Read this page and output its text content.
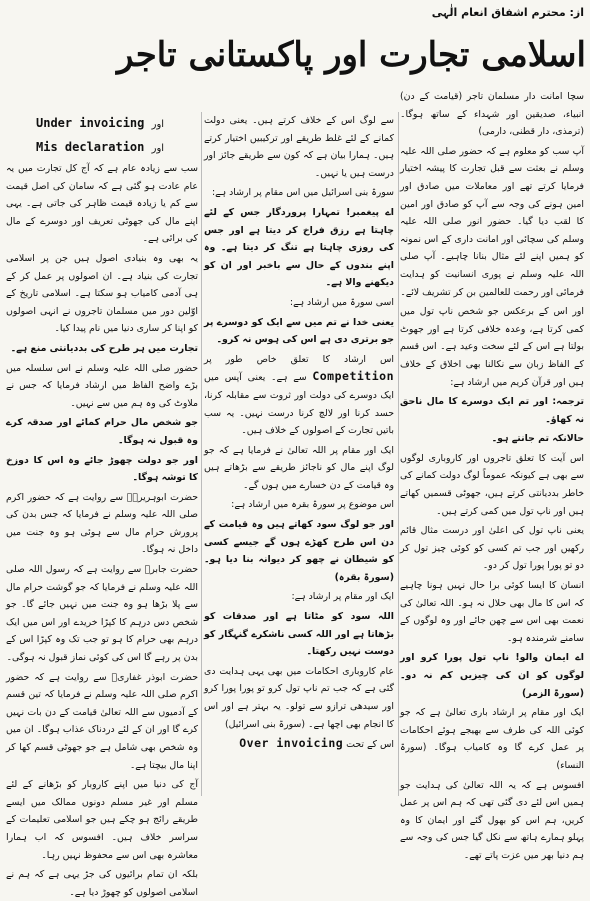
از: محترم اشفاق انعام الٰہی
اسلامی تجارت اور پاکستانی تاجر

سچا امانت دار مسلمان تاجر (قیامت کے دن) انبیاء، صدیقین اور شہداء کے ساتھ ہوگا۔ (ترمذی، دار قطنی، دارمی)

آپ سب کو معلوم ہے کہ حضور صلی اللہ علیہ وسلم نے بعثت سے قبل تجارت کا پیشہ اختیار فرمایا کرتے تھے اور معاملات میں صادق اور امین ہونے کی وجہ سے آپ کو صادق اور امین کا لقب دیا گیا۔ حضور انور صلی اللہ علیہ وسلم کی سچائی اور امانت داری کے اس نمونہ کو ہمیں اپنے لئے مثال بنانا چاہیے۔ آپ صلی اللہ علیہ وسلم نے پوری انسانیت کو ہدایت فرمائی اور رحمت للعالمین بن کر تشریف لائے۔

اور اس کے برعکس جو شخص ناپ تول میں کمی کرتا ہے، وعدہ خلافی کرتا ہے اور جھوٹ بولتا ہے اس کے لئے سخت وعید ہے۔ اس قسم کے الفاظ زبان سے نکالنا بھی اخلاق کے خلاف ہیں اور قرآن کریم میں ارشاد ہے:

ترجمہ: اور تم ایک دوسرے کا مال ناحق نہ کھاؤ۔

حالانکہ تم جانتے ہو۔

اس آیت کا تعلق تاجروں اور کاروباری لوگوں سے بھی ہے کیونکہ عموماً لوگ دولت کمانے کی خاطر بددیانتی کرتے ہیں، جھوٹی قسمیں کھاتے ہیں اور ناپ تول میں کمی کرتے ہیں۔

یعنی ناپ تول کی اعلیٰ اور درست مثال قائم رکھیں اور جب تم کسی کو کوئی چیز تول کر دو تو پورا پورا تول کر دو۔

انسان کا ایسا کوئی برا حال نہیں ہونا چاہیے کہ اس کا مال بھی حلال نہ ہو۔ اللہ تعالیٰ کی نعمت بھی اس سے چھن جائے اور وہ لوگوں کے سامنے شرمندہ ہو۔

اے ایمان والو! ناپ تول پورا کرو اور لوگوں کو ان کی چیزیں کم نہ دو۔ (سورۃ الزمر)

ایک اور مقام پر ارشاد باری تعالیٰ ہے کہ جو کوئی اللہ کی طرف سے بھیجے ہوئے احکامات پر عمل کرے گا وہ کامیاب ہوگا۔ (سورۃ النساء)

افسوس ہے کہ یہ اللہ تعالیٰ کی ہدایت جو ہمیں اس لئے دی گئی تھی کہ ہم اس پر عمل کریں، ہم اس کو بھول گئے اور ایمان کا وہ پہلو ہمارے ہاتھ سے نکل گیا جس کی وجہ سے ہم دنیا بھر میں عزت پاتے تھے۔

سے لوگ اس کے خلاف کرتے ہیں۔ یعنی دولت کمانے کے لئے غلط طریقے اور ترکیبیں اختیار کرتے ہیں۔ ہمارا بیان ہے کہ کون سے طریقے جائز اور درست ہیں یا نہیں۔

سورۃ بنی اسرائیل میں اس مقام پر ارشاد ہے:

اے پیغمبر! تمہارا پروردگار جس کے لئے چاہتا ہے رزق فراخ کر دیتا ہے اور جس کی روزی چاہتا ہے تنگ کر دیتا ہے۔ وہ اپنے بندوں کے حال سے باخبر اور ان کو دیکھنے والا ہے۔

اسی سورۃ میں ارشاد ہے:

یعنی خدا نے تم میں سے ایک کو دوسرے پر جو برتری دی ہے اس کی ہوس نہ کرو۔

اس ارشاد کا تعلق خاص طور پر Competition سے ہے۔ یعنی آپس میں ایک دوسرے کی دولت اور ثروت سے مقابلہ کرنا، حسد کرنا اور لالچ کرنا درست نہیں۔ یہ سب باتیں تجارت کے اصولوں کے خلاف ہیں۔

ایک اور مقام پر اللہ تعالیٰ نے فرمایا ہے کہ جو لوگ اپنے مال کو ناجائز طریقے سے بڑھاتے ہیں وہ قیامت کے دن خسارے میں ہوں گے۔

اس موضوع پر سورۃ بقرہ میں ارشاد ہے:

اور جو لوگ سود کھاتے ہیں وہ قیامت کے دن اس طرح کھڑے ہوں گے جیسے کسی کو شیطان نے چھو کر دیوانہ بنا دیا ہو۔ (سورۃ بقرہ)

ایک اور مقام پر ارشاد ہے:

اللہ سود کو مٹاتا ہے اور صدقات کو بڑھاتا ہے اور اللہ کسی ناشکرے گنہگار کو دوست نہیں رکھتا۔

عام کاروباری احکامات میں بھی یہی ہدایت دی گئی ہے کہ جب تم ناپ تول کرو تو پورا پورا کرو اور سیدھی ترازو سے تولو۔ یہ بہتر ہے اور اس کا انجام بھی اچھا ہے۔ (سورۃ بنی اسرائیل)

اس کے تحت Over invoicing

Under invoicing اور
Mis declaration اور

سب سے زیادہ عام ہے کہ آج کل تجارت میں یہ عام عادت ہو گئی ہے کہ سامان کی اصل قیمت سے کم یا زیادہ قیمت ظاہر کی جاتی ہے۔ یہی اپنے مال کی جھوٹی تعریف اور دوسرے کے مال کی برائی ہے۔

یہ بھی وہ بنیادی اصول ہیں جن پر اسلامی تجارت کی بنیاد ہے۔ ان اصولوں پر عمل کر کے ہی آدمی کامیاب ہو سکتا ہے۔ اسلامی تاریخ کے اوّلین دور میں مسلمان تاجروں نے انہی اصولوں کو اپنا کر ساری دنیا میں نام پیدا کیا۔

تجارت میں ہر طرح کی بددیانتی منع ہے۔

حضور صلی اللہ علیہ وسلم نے اس سلسلہ میں بڑے واضح الفاظ میں ارشاد فرمایا کہ جس نے ملاوٹ کی وہ ہم میں سے نہیں۔

جو شخص مال حرام کمائے اور صدقہ کرے وہ قبول نہ ہوگا۔

اور جو دولت چھوڑ جائے وہ اس کا دوزخ کا توشہ ہوگا۔

حضرت ابوہریرہؓ سے روایت ہے کہ حضور اکرم صلی اللہ علیہ وسلم نے فرمایا کہ جس بدن کی پرورش حرام مال سے ہوئی ہو وہ جنت میں داخل نہ ہوگا۔

حضرت جابرؓ سے روایت ہے کہ رسول اللہ صلی اللہ علیہ وسلم نے فرمایا کہ جو گوشت حرام مال سے پلا بڑھا ہو وہ جنت میں نہیں جائے گا۔ جو شخص دس درہم کا کپڑا خریدے اور اس میں ایک درہم بھی حرام کا ہو تو جب تک وہ کپڑا اس کے بدن پر رہے گا اس کی کوئی نماز قبول نہ ہوگی۔

حضرت ابوذر غفاریؓ سے روایت ہے کہ حضور اکرم صلی اللہ علیہ وسلم نے فرمایا کہ تین قسم کے آدمیوں سے اللہ تعالیٰ قیامت کے دن بات نہیں کرے گا اور ان کے لئے دردناک عذاب ہوگا۔ ان میں وہ شخص بھی شامل ہے جو جھوٹی قسم کھا کر اپنا مال بیچتا ہے۔

آج کی دنیا میں اپنے کاروبار کو بڑھانے کے لئے مسلم اور غیر مسلم دونوں ممالک میں ایسے طریقے رائج ہو چکے ہیں جو اسلامی تعلیمات کے سراسر خلاف ہیں۔ افسوس کہ اب ہمارا معاشرہ بھی اس سے محفوظ نہیں رہا۔

بلکہ ان تمام برائیوں کی جڑ یہی ہے کہ ہم نے اسلامی اصولوں کو چھوڑ دیا ہے۔
